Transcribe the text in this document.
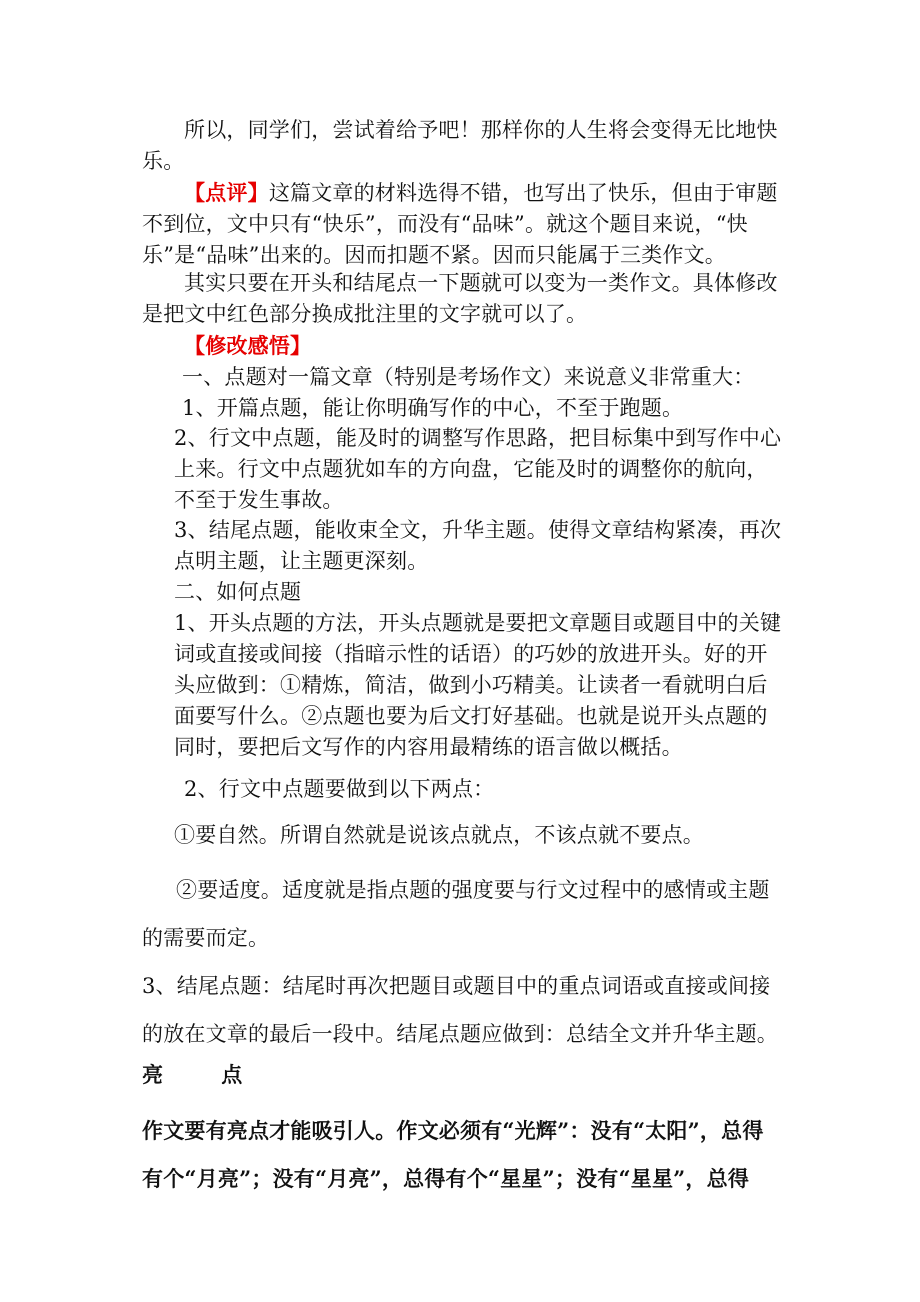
所以，同学们，尝试着给予吧！那样你的人生将会变得无比地快乐。

【点评】这篇文章的材料选得不错，也写出了快乐，但由于审题不到位，文中只有“快乐”，而没有“品味”。就这个题目来说，“快乐”是“品味”出来的。因而扣题不紧。因而只能属于三类作文。

其实只要在开头和结尾点一下题就可以变为一类作文。具体修改是把文中红色部分换成批注里的文字就可以了。

【修改感悟】

一、点题对一篇文章（特别是考场作文）来说意义非常重大：

1、开篇点题，能让你明确写作的中心，不至于跑题。

2、行文中点题，能及时的调整写作思路，把目标集中到写作中心上来。行文中点题犹如车的方向盘，它能及时的调整你的航向，不至于发生事故。

3、结尾点题，能收束全文，升华主题。使得文章结构紧凑，再次点明主题，让主题更深刻。

二、如何点题

1、开头点题的方法，开头点题就是要把文章题目或题目中的关键词或直接或间接（指暗示性的话语）的巧妙的放进开头。好的开头应做到：①精炼，简洁，做到小巧精美。让读者一看就明白后面要写什么。②点题也要为后文打好基础。也就是说开头点题的同时，要把后文写作的内容用最精练的语言做以概括。

2、行文中点题要做到以下两点：

①要自然。所谓自然就是说该点就点，不该点就不要点。

②要适度。适度就是指点题的强度要与行文过程中的感情或主题的需要而定。

3、结尾点题：结尾时再次把题目或题目中的重点词语或直接或间接的放在文章的最后一段中。结尾点题应做到：总结全文并升华主题。

亮	点

作文要有亮点才能吸引人。作文必须有“光辉”：没有“太阳”，总得有个“月亮”；没有“月亮”，总得有个“星星”；没有“星星”，总得
